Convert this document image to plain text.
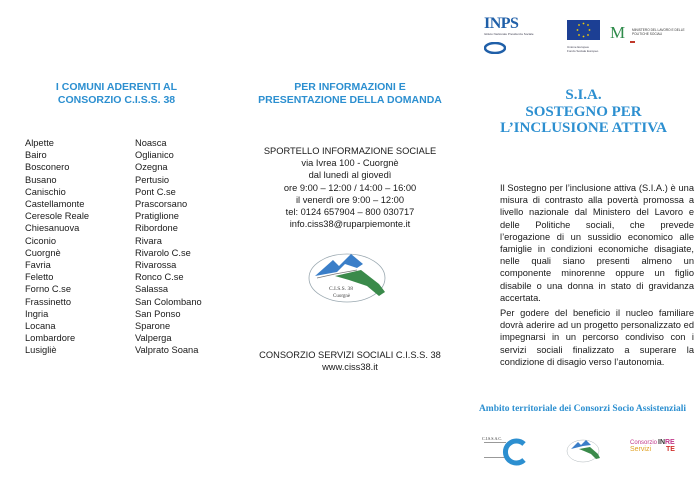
I COMUNI ADERENTI AL
CONSORZIO C.I.S.S. 38
Alpette
Bairo
Bosconero
Busano
Canischio
Castellamonte
Ceresole Reale
Chiesanuova
Ciconio
Cuorgnè
Favria
Feletto
Forno C.se
Frassinetto
Ingria
Locana
Lombardore
Lusigliè
Noasca
Oglianico
Ozegna
Pertusio
Pont C.se
Prascorsano
Pratiglione
Ribordone
Rivara
Rivarolo C.se
Rivarossa
Ronco C.se
Salassa
San Colombano
San Ponso
Sparone
Valperga
Valprato Soana
PER INFORMAZIONI E
PRESENTAZIONE DELLA DOMANDA
SPORTELLO INFORMAZIONE SOCIALE
via Ivrea 100 - Cuorgnè
dal lunedì al giovedì
ore 9:00 – 12:00 / 14:00 – 16:00
il venerdì ore 9:00 – 12:00
tel: 0124 657904 – 800 030717
info.ciss38@ruparpiemonte.it
C.I.S.S. 38
Cuorgnè
CONSORZIO SERVIZI SOCIALI C.I.S.S. 38
www.ciss38.it
INPS
Istituto Nazionale Previdenza Sociale
Unione Europea
Fondo Sociale Europeo
M MINISTERO DEL LAVORO E DELLE POLITICHE SOCIALI
S.I.A.
SOSTEGNO PER
L’INCLUSIONE ATTIVA
Il Sostegno per l’inclusione attiva (S.I.A.) è una misura di contrasto alla povertà promossa a livello nazionale dal Ministero del Lavoro e delle Politiche sociali, che prevede l’erogazione di un sussidio economico alle famiglie in condizioni economiche disagiate, nelle quali siano presenti almeno un componente minorenne oppure un figlio disabile o una donna in stato di gravidanza accertata.
Per godere del beneficio il nucleo familiare dovrà aderire ad un progetto personalizzato ed impegnarsi in un percorso condiviso con i servizi sociali finalizzato a superare la condizione di disagio verso l’autonomia.
Ambito territoriale dei Consorzi Socio Assistenziali
C.I.S.S.A.C.
Consorzio
Servizi
INRE
TE
